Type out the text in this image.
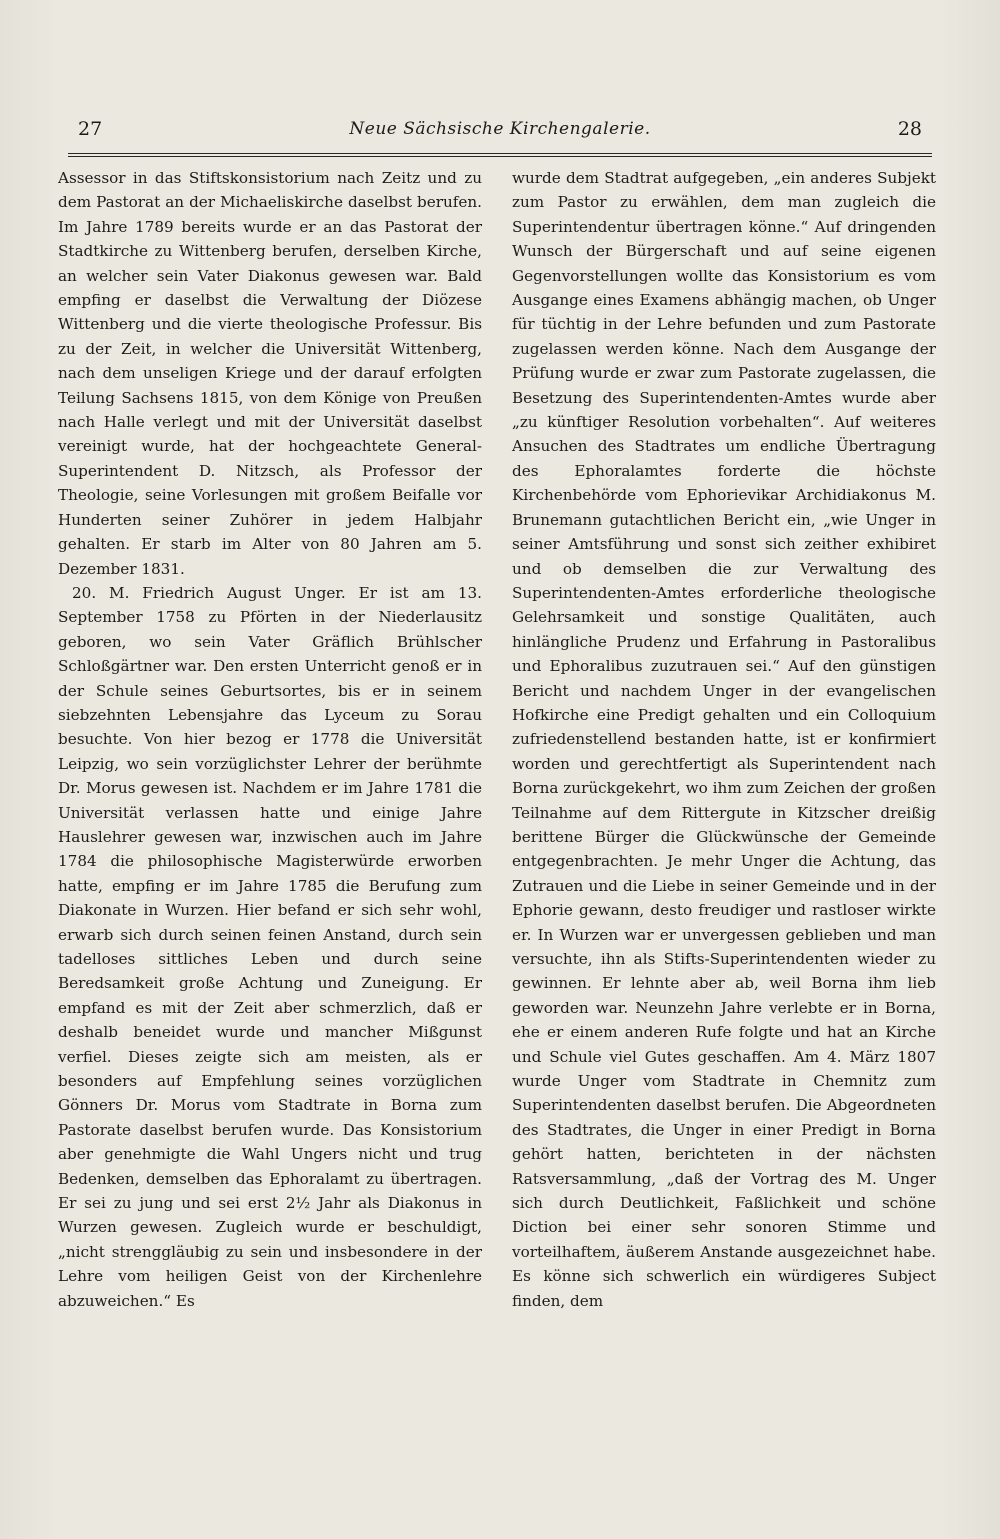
27	Neue Sächsische Kirchengalerie.	28

Assessor in das Stiftskonsistorium nach Zeitz und zu dem Pastorat an der Michaeliskirche daselbst berufen. Im Jahre 1789 bereits wurde er an das Pastorat der Stadtkirche zu Wittenberg berufen, derselben Kirche, an welcher sein Vater Diakonus gewesen war. Bald empfing er daselbst die Verwaltung der Diözese Wittenberg und die vierte theologische Professur. Bis zu der Zeit, in welcher die Universität Wittenberg, nach dem unseligen Kriege und der darauf erfolgten Teilung Sachsens 1815, von dem Könige von Preußen nach Halle verlegt und mit der Universität daselbst vereinigt wurde, hat der hochgeachtete General-Superintendent D. Nitzsch, als Professor der Theologie, seine Vorlesungen mit großem Beifalle vor Hunderten seiner Zuhörer in jedem Halbjahr gehalten. Er starb im Alter von 80 Jahren am 5. Dezember 1831.

20. M. Friedrich August Unger. Er ist am 13. September 1758 zu Pförten in der Niederlausitz geboren, wo sein Vater Gräflich Brühlscher Schloßgärtner war. Den ersten Unterricht genoß er in der Schule seines Geburtsortes, bis er in seinem siebzehnten Lebensjahre das Lyceum zu Sorau besuchte. Von hier bezog er 1778 die Universität Leipzig, wo sein vorzüglichster Lehrer der berühmte Dr. Morus gewesen ist. Nachdem er im Jahre 1781 die Universität verlassen hatte und einige Jahre Hauslehrer gewesen war, inzwischen auch im Jahre 1784 die philosophische Magisterwürde erworben hatte, empfing er im Jahre 1785 die Berufung zum Diakonate in Wurzen. Hier befand er sich sehr wohl, erwarb sich durch seinen feinen Anstand, durch sein tadelloses sittliches Leben und durch seine Beredsamkeit große Achtung und Zuneigung. Er empfand es mit der Zeit aber schmerzlich, daß er deshalb beneidet wurde und mancher Mißgunst verfiel. Dieses zeigte sich am meisten, als er besonders auf Empfehlung seines vorzüglichen Gönners Dr. Morus vom Stadtrate in Borna zum Pastorate daselbst berufen wurde. Das Konsistorium aber genehmigte die Wahl Ungers nicht und trug Bedenken, demselben das Ephoralamt zu übertragen. Er sei zu jung und sei erst 2½ Jahr als Diakonus in Wurzen gewesen. Zugleich wurde er beschuldigt, „nicht strenggläubig zu sein und insbesondere in der Lehre vom heiligen Geist von der Kirchenlehre abzuweichen.“ Es

wurde dem Stadtrat aufgegeben, „ein anderes Subjekt zum Pastor zu erwählen, dem man zugleich die Superintendentur übertragen könne.“ Auf dringenden Wunsch der Bürgerschaft und auf seine eigenen Gegenvorstellungen wollte das Konsistorium es vom Ausgange eines Examens abhängig machen, ob Unger für tüchtig in der Lehre befunden und zum Pastorate zugelassen werden könne. Nach dem Ausgange der Prüfung wurde er zwar zum Pastorate zugelassen, die Besetzung des Superintendenten-Amtes wurde aber „zu künftiger Resolution vorbehalten“. Auf weiteres Ansuchen des Stadtrates um endliche Übertragung des Ephoralamtes forderte die höchste Kirchenbehörde vom Ephorievikar Archidiakonus M. Brunemann gutachtlichen Bericht ein, „wie Unger in seiner Amtsführung und sonst sich zeither exhibiret und ob demselben die zur Verwaltung des Superintendenten-Amtes erforderliche theologische Gelehrsamkeit und sonstige Qualitäten, auch hinlängliche Prudenz und Erfahrung in Pastoralibus und Ephoralibus zuzutrauen sei.“ Auf den günstigen Bericht und nachdem Unger in der evangelischen Hofkirche eine Predigt gehalten und ein Colloquium zufriedenstellend bestanden hatte, ist er konfirmiert worden und gerechtfertigt als Superintendent nach Borna zurückgekehrt, wo ihm zum Zeichen der großen Teilnahme auf dem Rittergute in Kitzscher dreißig berittene Bürger die Glückwünsche der Gemeinde entgegenbrachten. Je mehr Unger die Achtung, das Zutrauen und die Liebe in seiner Gemeinde und in der Ephorie gewann, desto freudiger und rastloser wirkte er. In Wurzen war er unvergessen geblieben und man versuchte, ihn als Stifts-Superintendenten wieder zu gewinnen. Er lehnte aber ab, weil Borna ihm lieb geworden war. Neunzehn Jahre verlebte er in Borna, ehe er einem anderen Rufe folgte und hat an Kirche und Schule viel Gutes geschaffen. Am 4. März 1807 wurde Unger vom Stadtrate in Chemnitz zum Superintendenten daselbst berufen. Die Abgeordneten des Stadtrates, die Unger in einer Predigt in Borna gehört hatten, berichteten in der nächsten Ratsversammlung, „daß der Vortrag des M. Unger sich durch Deutlichkeit, Faßlichkeit und schöne Diction bei einer sehr sonoren Stimme und vorteilhaftem, äußerem Anstande ausgezeichnet habe. Es könne sich schwerlich ein würdigeres Subject finden, dem
